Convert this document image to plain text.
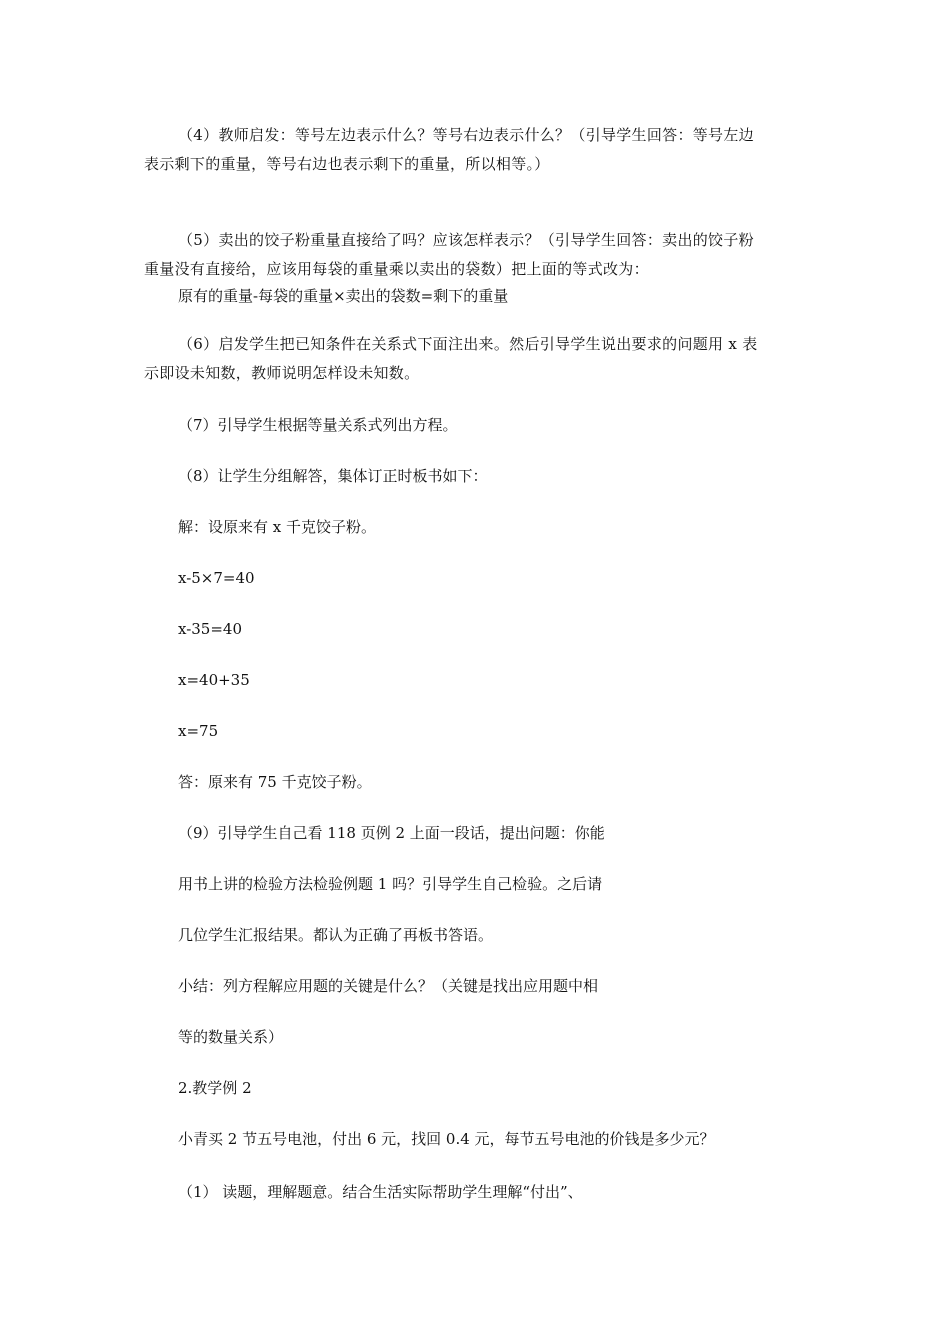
（4）教师启发：等号左边表示什么？等号右边表示什么？（引导学生回答：等号左边
表示剩下的重量，等号右边也表示剩下的重量，所以相等。）
（5）卖出的饺子粉重量直接给了吗？应该怎样表示？（引导学生回答：卖出的饺子粉
重量没有直接给，应该用每袋的重量乘以卖出的袋数）把上面的等式改为：
原有的重量-每袋的重量×卖出的袋数=剩下的重量
（6）启发学生把已知条件在关系式下面注出来。然后引导学生说出要求的问题用 x 表
示即设未知数，教师说明怎样设未知数。
（7）引导学生根据等量关系式列出方程。
（8）让学生分组解答，集体订正时板书如下：
解：设原来有 x 千克饺子粉。
x-5×7=40
x-35=40
x=40+35
x=75
答：原来有 75 千克饺子粉。
（9）引导学生自己看 118 页例 2 上面一段话，提出问题：你能
用书上讲的检验方法检验例题 1 吗？引导学生自己检验。之后请
几位学生汇报结果。都认为正确了再板书答语。
小结：列方程解应用题的关键是什么？（关键是找出应用题中相
等的数量关系）
2.教学例 2
小青买 2 节五号电池，付出 6 元，找回 0.4 元，每节五号电池的价钱是多少元？
（1） 读题，理解题意。结合生活实际帮助学生理解“付出”、
